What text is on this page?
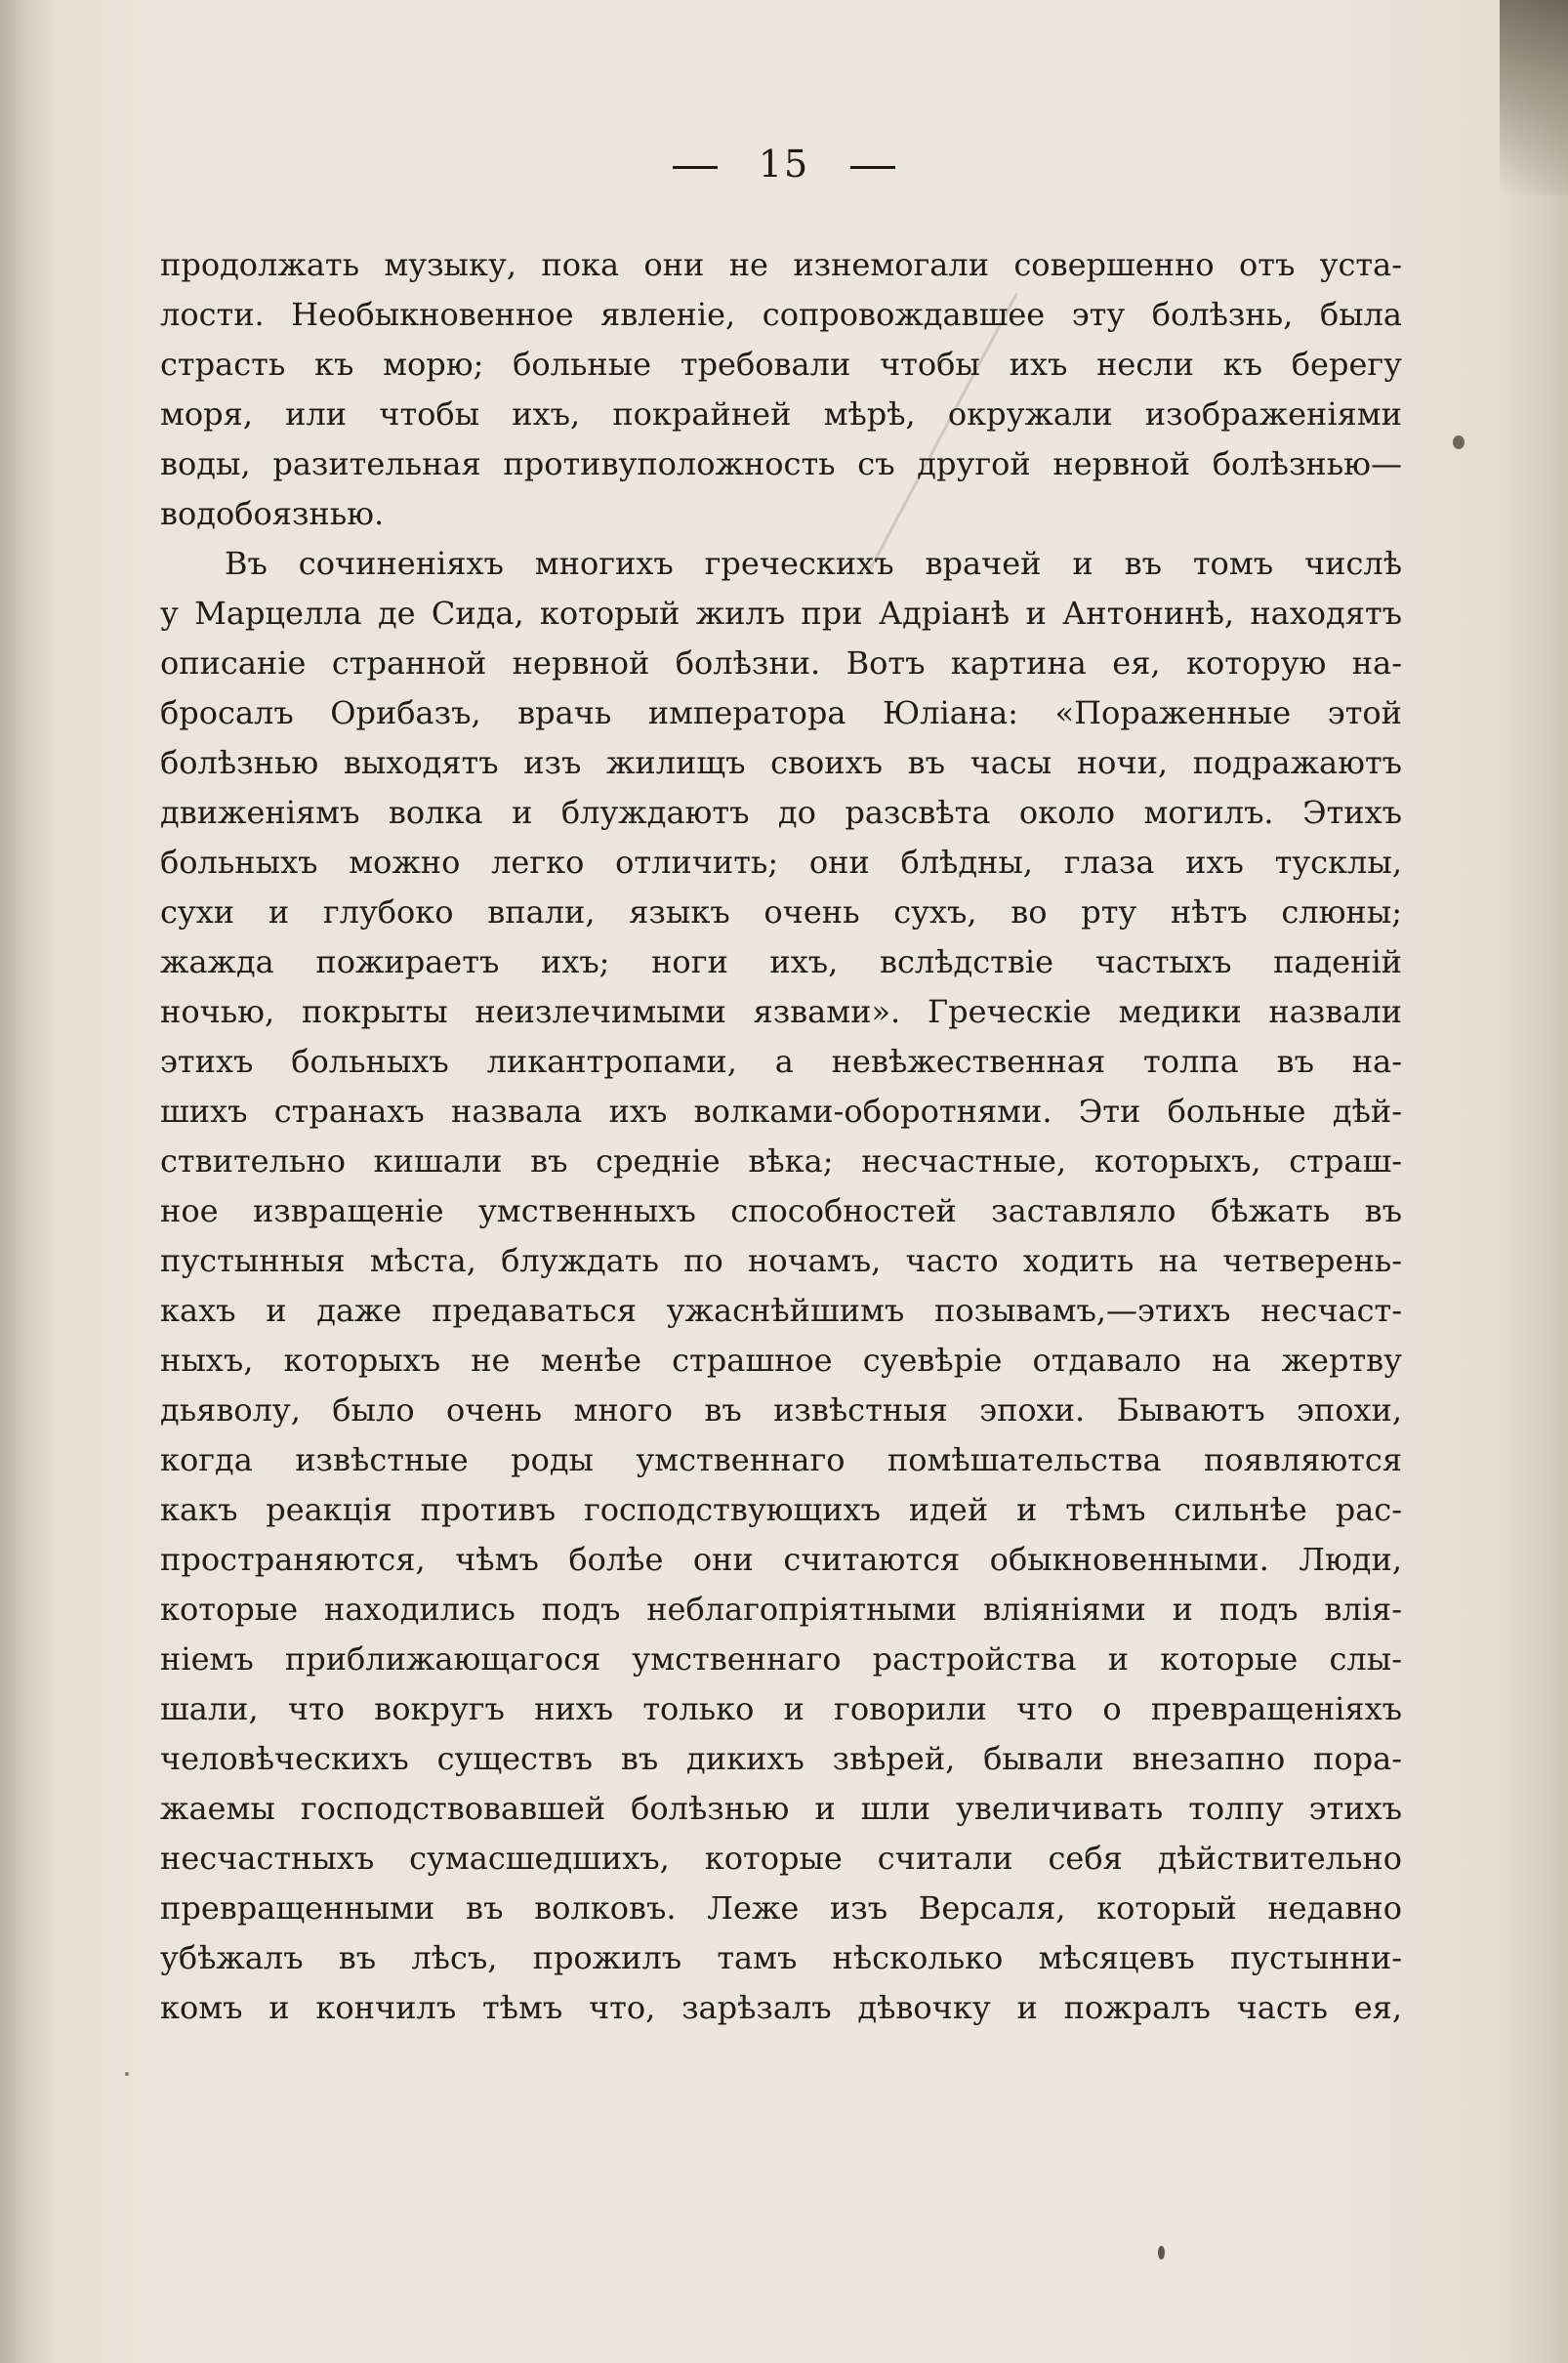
15
продолжать музыку, пока они не изнемогали совершенно отъ уста-
лости. Необыкновенное явленіе, сопровождавшее эту болѣзнь, была
страсть къ морю; больные требовали чтобы ихъ несли къ берегу
моря, или чтобы ихъ, покрайней мѣрѣ, окружали изображеніями
воды, разительная противуположность съ другой нервной болѣзнью—
водобоязнью.
Въ сочиненіяхъ многихъ греческихъ врачей и въ томъ числѣ
у Марцелла де Сида, который жилъ при Адріанѣ и Антонинѣ, находятъ
описаніе странной нервной болѣзни. Вотъ картина ея, которую на-
бросалъ Орибазъ, врачь императора Юліана: «Пораженные этой
болѣзнью выходятъ изъ жилищъ своихъ въ часы ночи, подражаютъ
движеніямъ волка и блуждаютъ до разсвѣта около могилъ. Этихъ
больныхъ можно легко отличить; они блѣдны, глаза ихъ тусклы,
сухи и глубоко впали, языкъ очень сухъ, во рту нѣтъ слюны;
жажда пожираетъ ихъ; ноги ихъ, вслѣдствіе частыхъ паденій
ночью, покрыты неизлечимыми язвами». Греческіе медики назвали
этихъ больныхъ ликантропами, а невѣжественная толпа въ на-
шихъ странахъ назвала ихъ волками-оборотнями. Эти больные дѣй-
ствительно кишали въ средніе вѣка; несчастные, которыхъ, страш-
ное извращеніе умственныхъ способностей заставляло бѣжать въ
пустынныя мѣста, блуждать по ночамъ, часто ходить на четверень-
кахъ и даже предаваться ужаснѣйшимъ позывамъ,—этихъ несчаст-
ныхъ, которыхъ не менѣе страшное суевѣріе отдавало на жертву
дьяволу, было очень много въ извѣстныя эпохи. Бываютъ эпохи,
когда извѣстные роды умственнаго помѣшательства появляются
какъ реакція противъ господствующихъ идей и тѣмъ сильнѣе рас-
пространяются, чѣмъ болѣе они считаются обыкновенными. Люди,
которые находились подъ неблагопріятными вліяніями и подъ влія-
ніемъ приближающагося умственнаго растройства и которые слы-
шали, что вокругъ нихъ только и говорили что о превращеніяхъ
человѣческихъ существъ въ дикихъ звѣрей, бывали внезапно пора-
жаемы господствовавшей болѣзнью и шли увеличивать толпу этихъ
несчастныхъ сумасшедшихъ, которые считали себя дѣйствительно
превращенными въ волковъ. Леже изъ Версаля, который недавно
убѣжалъ въ лѣсъ, прожилъ тамъ нѣсколько мѣсяцевъ пустынни-
комъ и кончилъ тѣмъ что, зарѣзалъ дѣвочку и пожралъ часть ея,
